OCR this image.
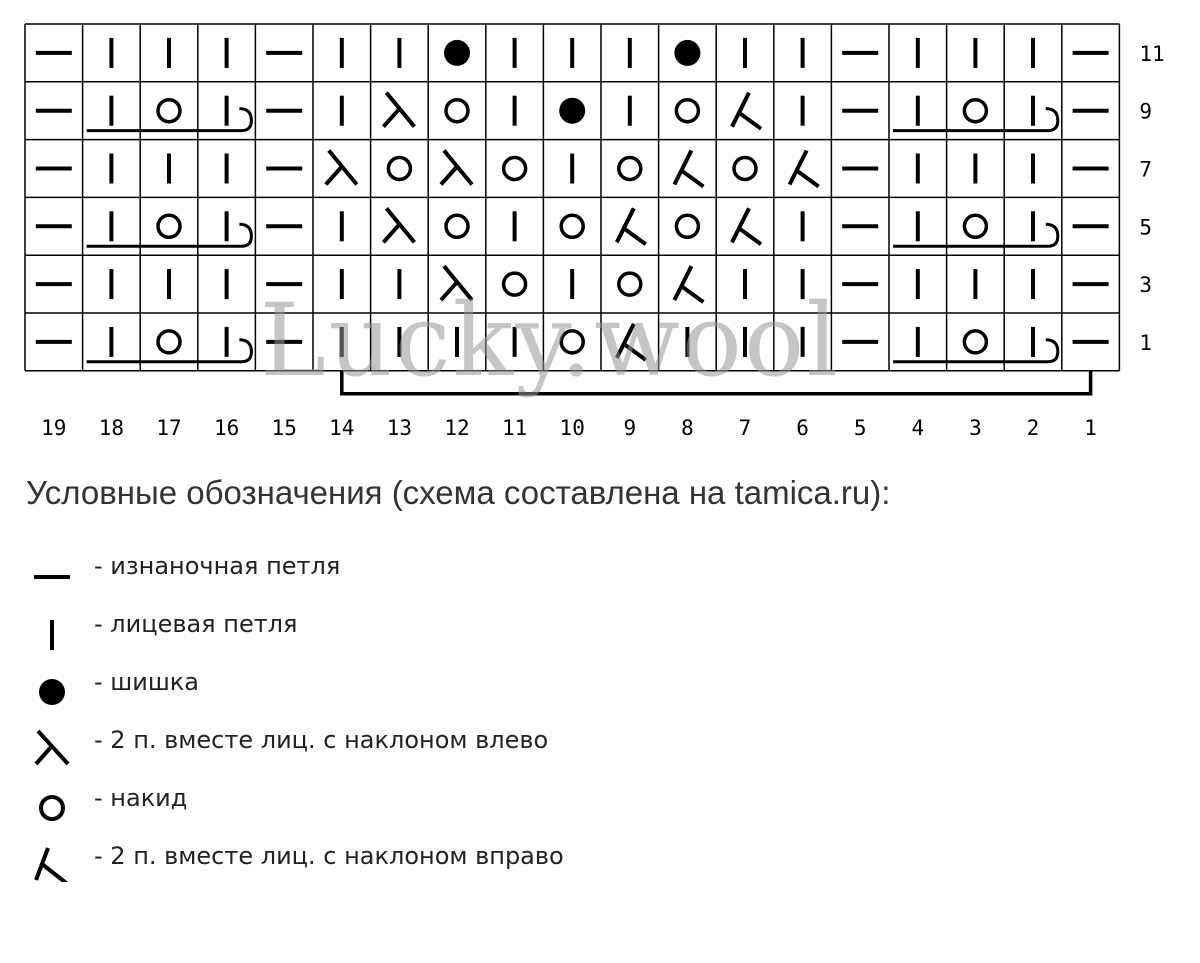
11
9
7
5
3
1
19 18 17 16 15 14 13 12 11 10 9 8 7 6 5 4 3 2 1
Lucky.wool
Условные обозначения (схема составлена на tamica.ru):
- изнаночная петля
- лицевая петля
- шишка
- 2 п. вместе лиц. с наклоном влево
- накид
- 2 п. вместе лиц. с наклоном вправо
